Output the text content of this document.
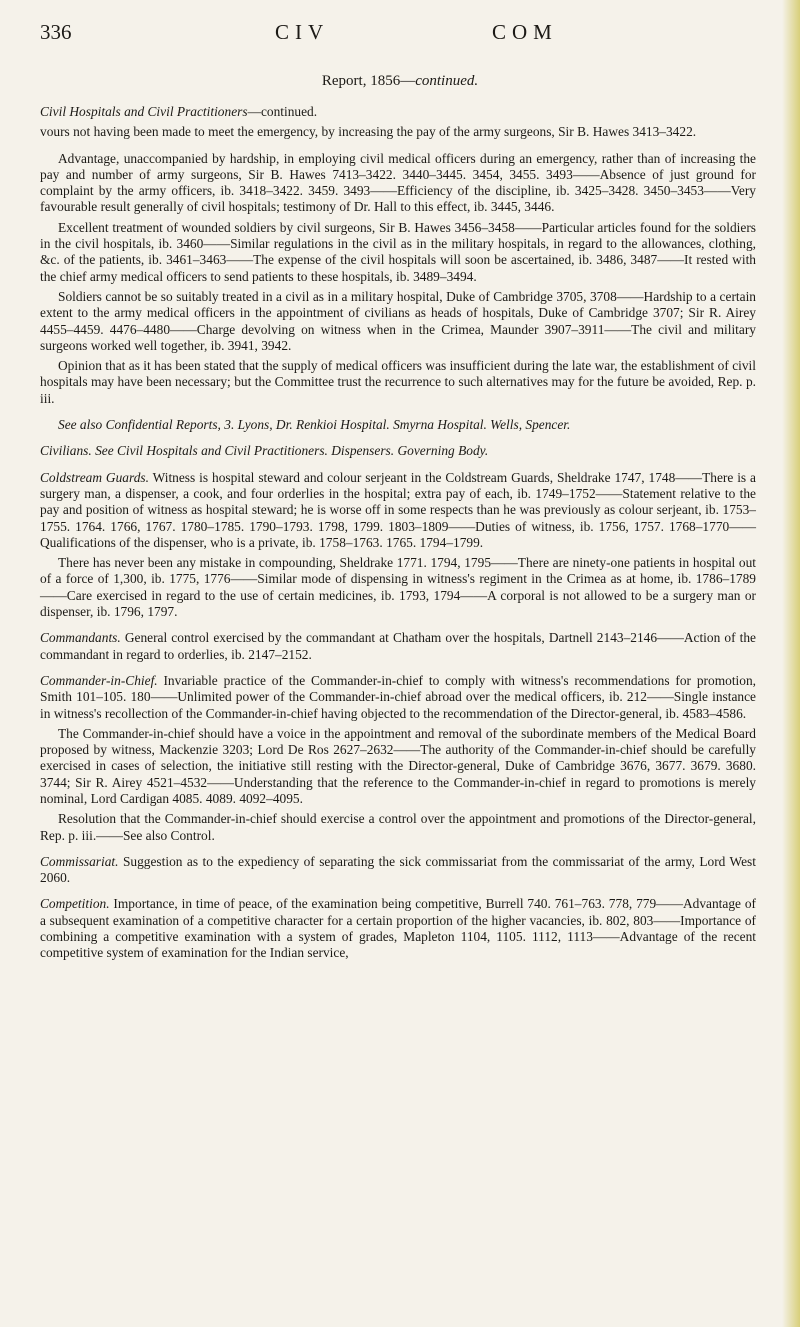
336	CIV	COM
Report, 1856—continued.

Civil Hospitals and Civil Practitioners—continued.

vours not having been made to meet the emergency, by increasing the pay of the army surgeons, Sir B. Hawes 3413–3422.

Advantage, unaccompanied by hardship, in employing civil medical officers during an emergency, rather than of increasing the pay and number of army surgeons, Sir B. Hawes 7413–3422. 3440–3445. 3454, 3455. 3493——Absence of just ground for complaint by the army officers, ib. 3418–3422. 3459. 3493——Efficiency of the discipline, ib. 3425–3428. 3450–3453——Very favourable result generally of civil hospitals; testimony of Dr. Hall to this effect, ib. 3445, 3446.

Excellent treatment of wounded soldiers by civil surgeons, Sir B. Hawes 3456–3458——Particular articles found for the soldiers in the civil hospitals, ib. 3460——Similar regulations in the civil as in the military hospitals, in regard to the allowances, clothing, &c. of the patients, ib. 3461–3463——The expense of the civil hospitals will soon be ascertained, ib. 3486, 3487——It rested with the chief army medical officers to send patients to these hospitals, ib. 3489–3494.

Soldiers cannot be so suitably treated in a civil as in a military hospital, Duke of Cambridge 3705, 3708——Hardship to a certain extent to the army medical officers in the appointment of civilians as heads of hospitals, Duke of Cambridge 3707; Sir R. Airey 4455–4459. 4476–4480——Charge devolving on witness when in the Crimea, Maunder 3907–3911——The civil and military surgeons worked well together, ib. 3941, 3942.

Opinion that as it has been stated that the supply of medical officers was insufficient during the late war, the establishment of civil hospitals may have been necessary; but the Committee trust the recurrence to such alternatives may for the future be avoided, Rep. p. iii.

See also Confidential Reports, 3. Lyons, Dr. Renkioi Hospital. Smyrna Hospital. Wells, Spencer.

Civilians. See Civil Hospitals and Civil Practitioners. Dispensers. Governing Body.

Coldstream Guards. Witness is hospital steward and colour serjeant in the Coldstream Guards, Sheldrake 1747, 1748——There is a surgery man, a dispenser, a cook, and four orderlies in the hospital; extra pay of each, ib. 1749–1752——Statement relative to the pay and position of witness as hospital steward; he is worse off in some respects than he was previously as colour serjeant, ib. 1753–1755. 1764. 1766, 1767. 1780–1785. 1790–1793. 1798, 1799. 1803–1809——Duties of witness, ib. 1756, 1757. 1768–1770——Qualifications of the dispenser, who is a private, ib. 1758–1763. 1765. 1794–1799.

There has never been any mistake in compounding, Sheldrake 1771. 1794, 1795——There are ninety-one patients in hospital out of a force of 1,300, ib. 1775, 1776——Similar mode of dispensing in witness's regiment in the Crimea as at home, ib. 1786–1789——Care exercised in regard to the use of certain medicines, ib. 1793, 1794——A corporal is not allowed to be a surgery man or dispenser, ib. 1796, 1797.

Commandants. General control exercised by the commandant at Chatham over the hospitals, Dartnell 2143–2146——Action of the commandant in regard to orderlies, ib. 2147–2152.

Commander-in-Chief. Invariable practice of the Commander-in-chief to comply with witness's recommendations for promotion, Smith 101–105. 180——Unlimited power of the Commander-in-chief abroad over the medical officers, ib. 212——Single instance in witness's recollection of the Commander-in-chief having objected to the recommendation of the Director-general, ib. 4583–4586.

The Commander-in-chief should have a voice in the appointment and removal of the subordinate members of the Medical Board proposed by witness, Mackenzie 3203; Lord De Ros 2627–2632——The authority of the Commander-in-chief should be carefully exercised in cases of selection, the initiative still resting with the Director-general, Duke of Cambridge 3676, 3677. 3679. 3680. 3744; Sir R. Airey 4521–4532——Understanding that the reference to the Commander-in-chief in regard to promotions is merely nominal, Lord Cardigan 4085. 4089. 4092–4095.

Resolution that the Commander-in-chief should exercise a control over the appointment and promotions of the Director-general, Rep. p. iii.——See also Control.

Commissariat. Suggestion as to the expediency of separating the sick commissariat from the commissariat of the army, Lord West 2060.

Competition. Importance, in time of peace, of the examination being competitive, Burrell 740. 761–763. 778, 779——Advantage of a subsequent examination of a competitive character for a certain proportion of the higher vacancies, ib. 802, 803——Importance of combining a competitive examination with a system of grades, Mapleton 1104, 1105. 1112, 1113——Advantage of the recent competitive system of examination for the Indian service,
